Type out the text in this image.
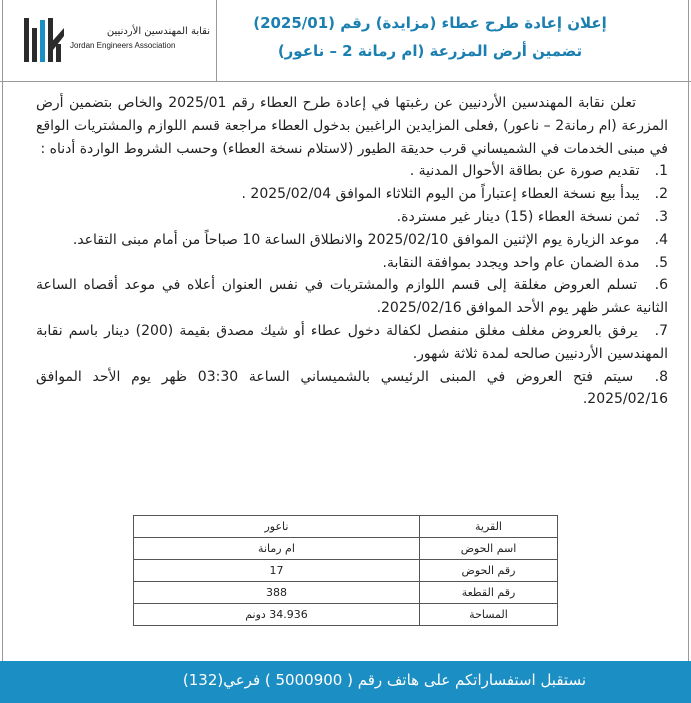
نقابة المهندسين الأردنيين
Jordan Engineers Association
إعلان إعادة طرح عطاء (مزايدة) رقم (2025/01)
تضمين أرض المزرعة (ام رمانة 2 – ناعور)

تعلن نقابة المهندسين الأردنيين عن رغبتها في إعادة طرح العطاء رقم 2025/01 والخاص بتضمين أرض المزرعة (ام رمانة2 – ناعور) ,فعلى المزايدين الراغبين بدخول العطاء مراجعة قسم اللوازم والمشتريات الواقع في مبنى الخدمات في الشميساني قرب حديقة الطيور (لاستلام نسخة العطاء) وحسب الشروط الواردة أدناه :

1. تقديم صورة عن بطاقة الأحوال المدنية .
2. يبدأ بيع نسخة العطاء إعتباراً من اليوم الثلاثاء الموافق 2025/02/04 .
3. ثمن نسخة العطاء (15) دينار غير مستردة.
4. موعد الزيارة يوم الإثنين الموافق 2025/02/10 والانطلاق الساعة 10 صباحاً من أمام مبنى التقاعد.
5. مدة الضمان عام واحد ويجدد بموافقة النقابة.
6. تسلم العروض مغلقة إلى قسم اللوازم والمشتريات في نفس العنوان أعلاه في موعد أقصاه الساعة الثانية عشر ظهر يوم الأحد الموافق 2025/02/16.
7. يرفق بالعروض مغلف مغلق منفصل لكفالة دخول عطاء أو شيك مصدق بقيمة (200) دينار باسم نقابة المهندسين الأردنيين صالحه لمدة ثلاثة شهور.
8. سيتم فتح العروض في المبنى الرئيسي بالشميساني الساعة 03:30 ظهر يوم الأحد الموافق 2025/02/16.
القرية	ناعور
اسم الحوض	ام رمانة
رقم الحوض	17
رقم القطعة	388
المساحة	34.936 دونم
نستقبل استفساراتكم على هاتف رقم ( 5000900 ) فرعي(132)
